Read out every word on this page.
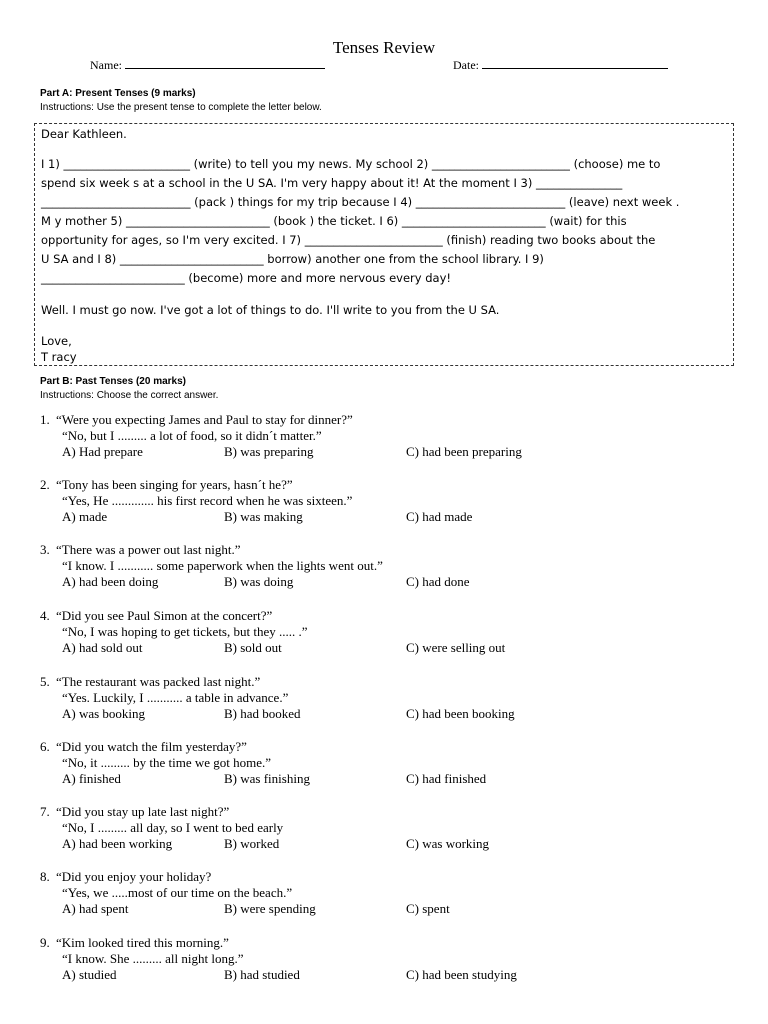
Tenses Review
Name:	Date:
Part A: Present Tenses (9 marks)
Instructions: Use the present tense to complete the letter below.

Dear Kathleen.

I 1) ______________________ (write) to tell you my news. My school 2) ________________________ (choose) me to

spend six week s at a school in the U SA. I'm very happy about it! At the moment I 3) _______________

__________________________ (pack ) things for my trip because I 4) __________________________ (leave) next week .

M y mother 5) _________________________ (book ) the ticket. I 6) _________________________ (wait) for this

opportunity for ages, so I'm very excited. I 7) ________________________ (finish) reading two books about the

U SA and I 8) _________________________ borrow) another one from the school library. I 9)

_________________________ (become) more and more nervous every day!

Well. I must go now. I've got a lot of things to do. I'll write to you from the U SA.

Love,

T racy

Part B: Past Tenses (20 marks)
Instructions: Choose the correct answer.
1. “Were you expecting James and Paul to stay for dinner?”
“No, but I ......... a lot of food, so it didn´t matter.”
A) Had prepare	B) was preparing	C) had been preparing
2. “Tony has been singing for years, hasn´t he?”
“Yes, He ............. his first record when he was sixteen.”
A) made	B) was making	C) had made
3. “There was a power out last night.”
“I know. I ........... some paperwork when the lights went out.”
A) had been doing	B) was doing	C) had done
4. “Did you see Paul Simon at the concert?”
“No, I was hoping to get tickets, but they ..... .”
A) had sold out	B) sold out	C) were selling out
5. “The restaurant was packed last night.”
“Yes. Luckily, I ........... a table in advance.”
A) was booking	B) had booked	C) had been booking
6. “Did you watch the film yesterday?”
“No, it ......... by the time we got home.”
A) finished	B) was finishing	C) had finished
7. “Did you stay up late last night?”
“No, I ......... all day, so I went to bed early
A) had been working	B) worked	C) was working
8. “Did you enjoy your holiday?
“Yes, we .....most of our time on the beach.”
A) had spent	B) were spending	C) spent
9. “Kim looked tired this morning.”
“I know. She ......... all night long.”
A) studied	B) had studied	C) had been studying
